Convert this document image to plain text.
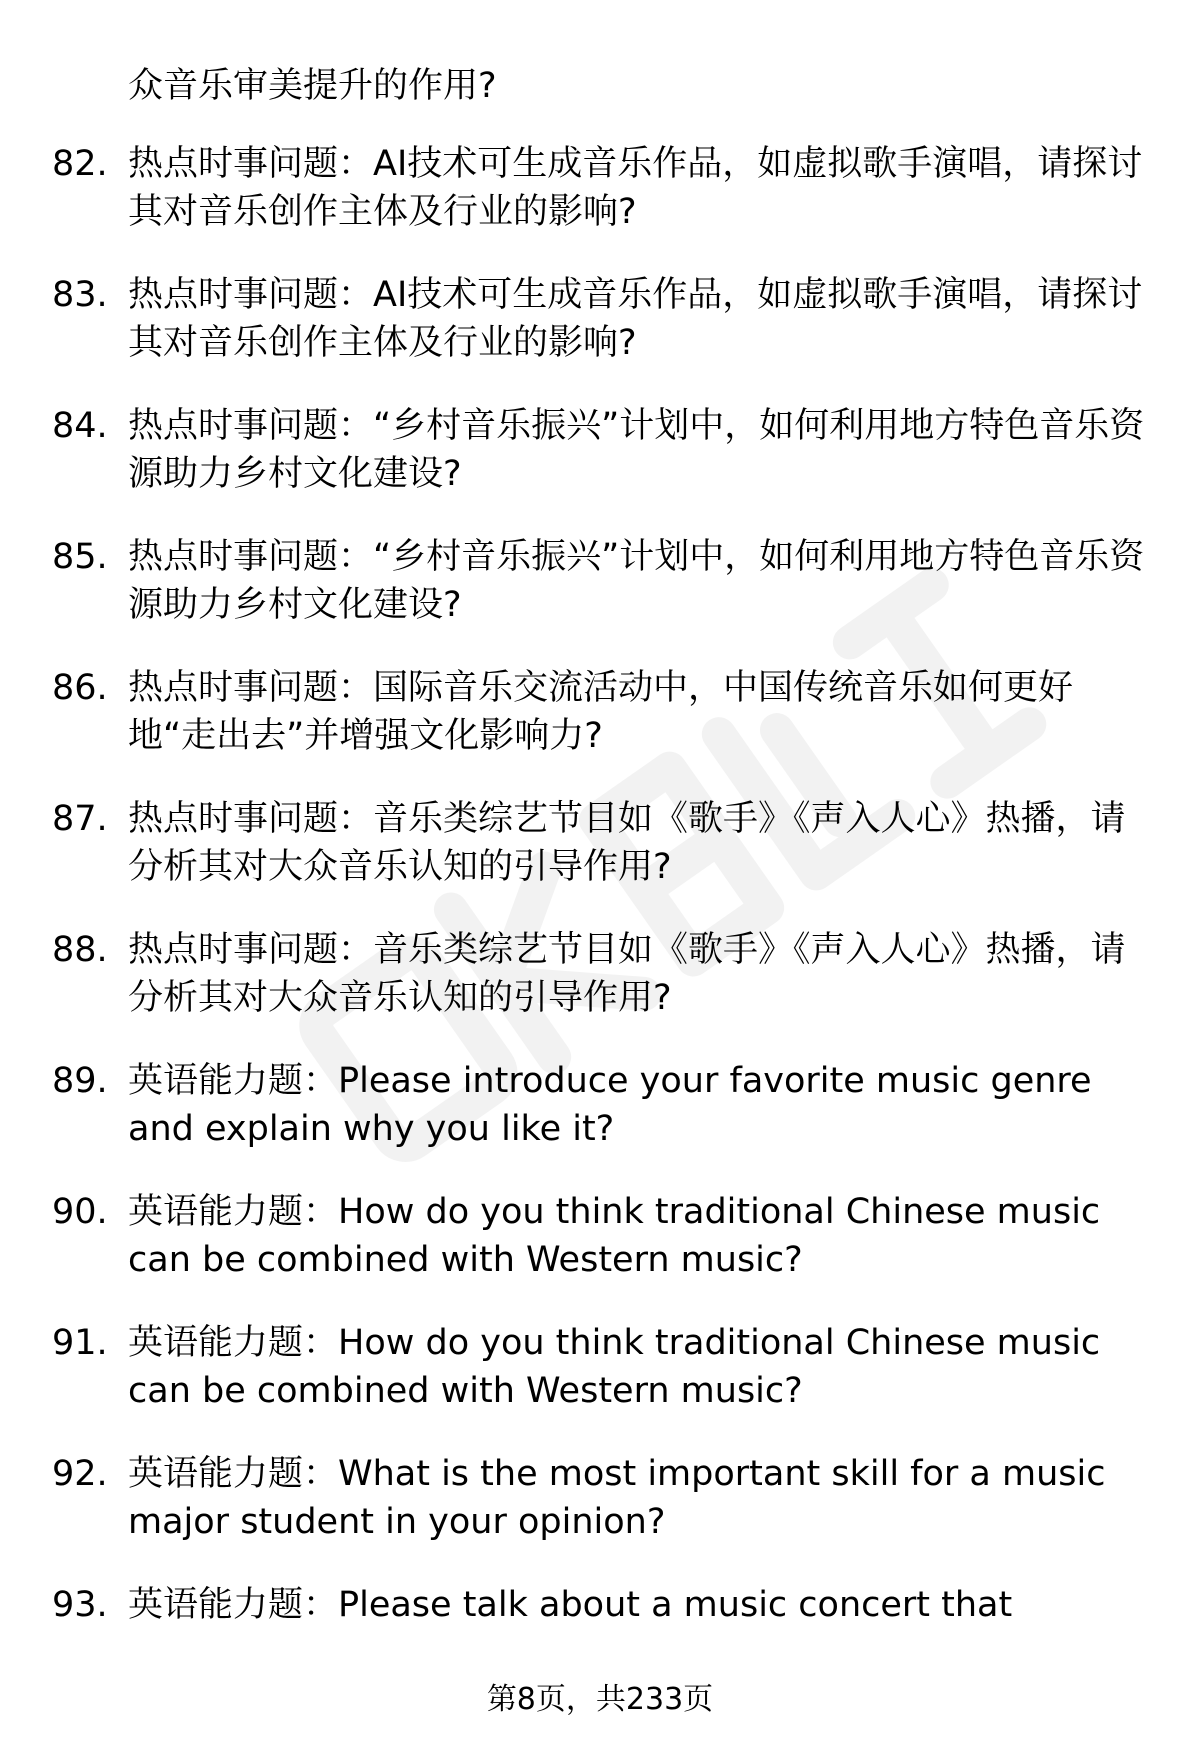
众音乐审美提升的作用?

82. 热点时事问题：AI技术可生成音乐作品，如虚拟歌手演唱，请探讨其对音乐创作主体及行业的影响?
83. 热点时事问题：AI技术可生成音乐作品，如虚拟歌手演唱，请探讨其对音乐创作主体及行业的影响?
84. 热点时事问题：“乡村音乐振兴”计划中，如何利用地方特色音乐资源助力乡村文化建设?
85. 热点时事问题：“乡村音乐振兴”计划中，如何利用地方特色音乐资源助力乡村文化建设?
86. 热点时事问题：国际音乐交流活动中，中国传统音乐如何更好地“走出去”并增强文化影响力?
87. 热点时事问题：音乐类综艺节目如《歌手》《声入人心》热播，请分析其对大众音乐认知的引导作用?
88. 热点时事问题：音乐类综艺节目如《歌手》《声入人心》热播，请分析其对大众音乐认知的引导作用?
89. 英语能力题：Please introduce your favorite music genre and explain why you like it?
90. 英语能力题：How do you think traditional Chinese music can be combined with Western music?
91. 英语能力题：How do you think traditional Chinese music can be combined with Western music?
92. 英语能力题：What is the most important skill for a music major student in your opinion?
93. 英语能力题：Please talk about a music concert that

第8页，共233页
